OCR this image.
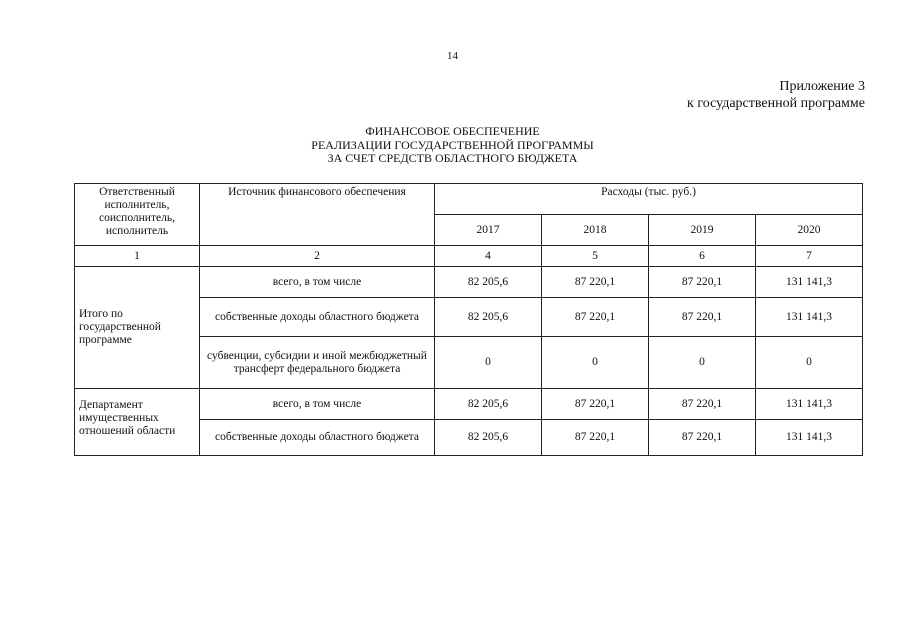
14
Приложение 3
к государственной программе
ФИНАНСОВОЕ ОБЕСПЕЧЕНИЕ
РЕАЛИЗАЦИИ ГОСУДАРСТВЕННОЙ ПРОГРАММЫ
ЗА СЧЕТ СРЕДСТВ ОБЛАСТНОГО БЮДЖЕТА
Ответственный исполнитель, соисполнитель, исполнитель	Источник финансового обеспечения	Расходы (тыс. руб.)			
		2017	2018	2019	2020
1	2	4	5	6	7
Итого по государственной программе	всего, в том числе	82 205,6	87 220,1	87 220,1	131 141,3
	собственные доходы областного бюджета	82 205,6	87 220,1	87 220,1	131 141,3
	субвенции, субсидии и иной межбюджетный трансферт федерального бюджета	0	0	0	0
Департамент имущественных отношений области	всего, в том числе	82 205,6	87 220,1	87 220,1	131 141,3
	собственные доходы областного бюджета	82 205,6	87 220,1	87 220,1	131 141,3
